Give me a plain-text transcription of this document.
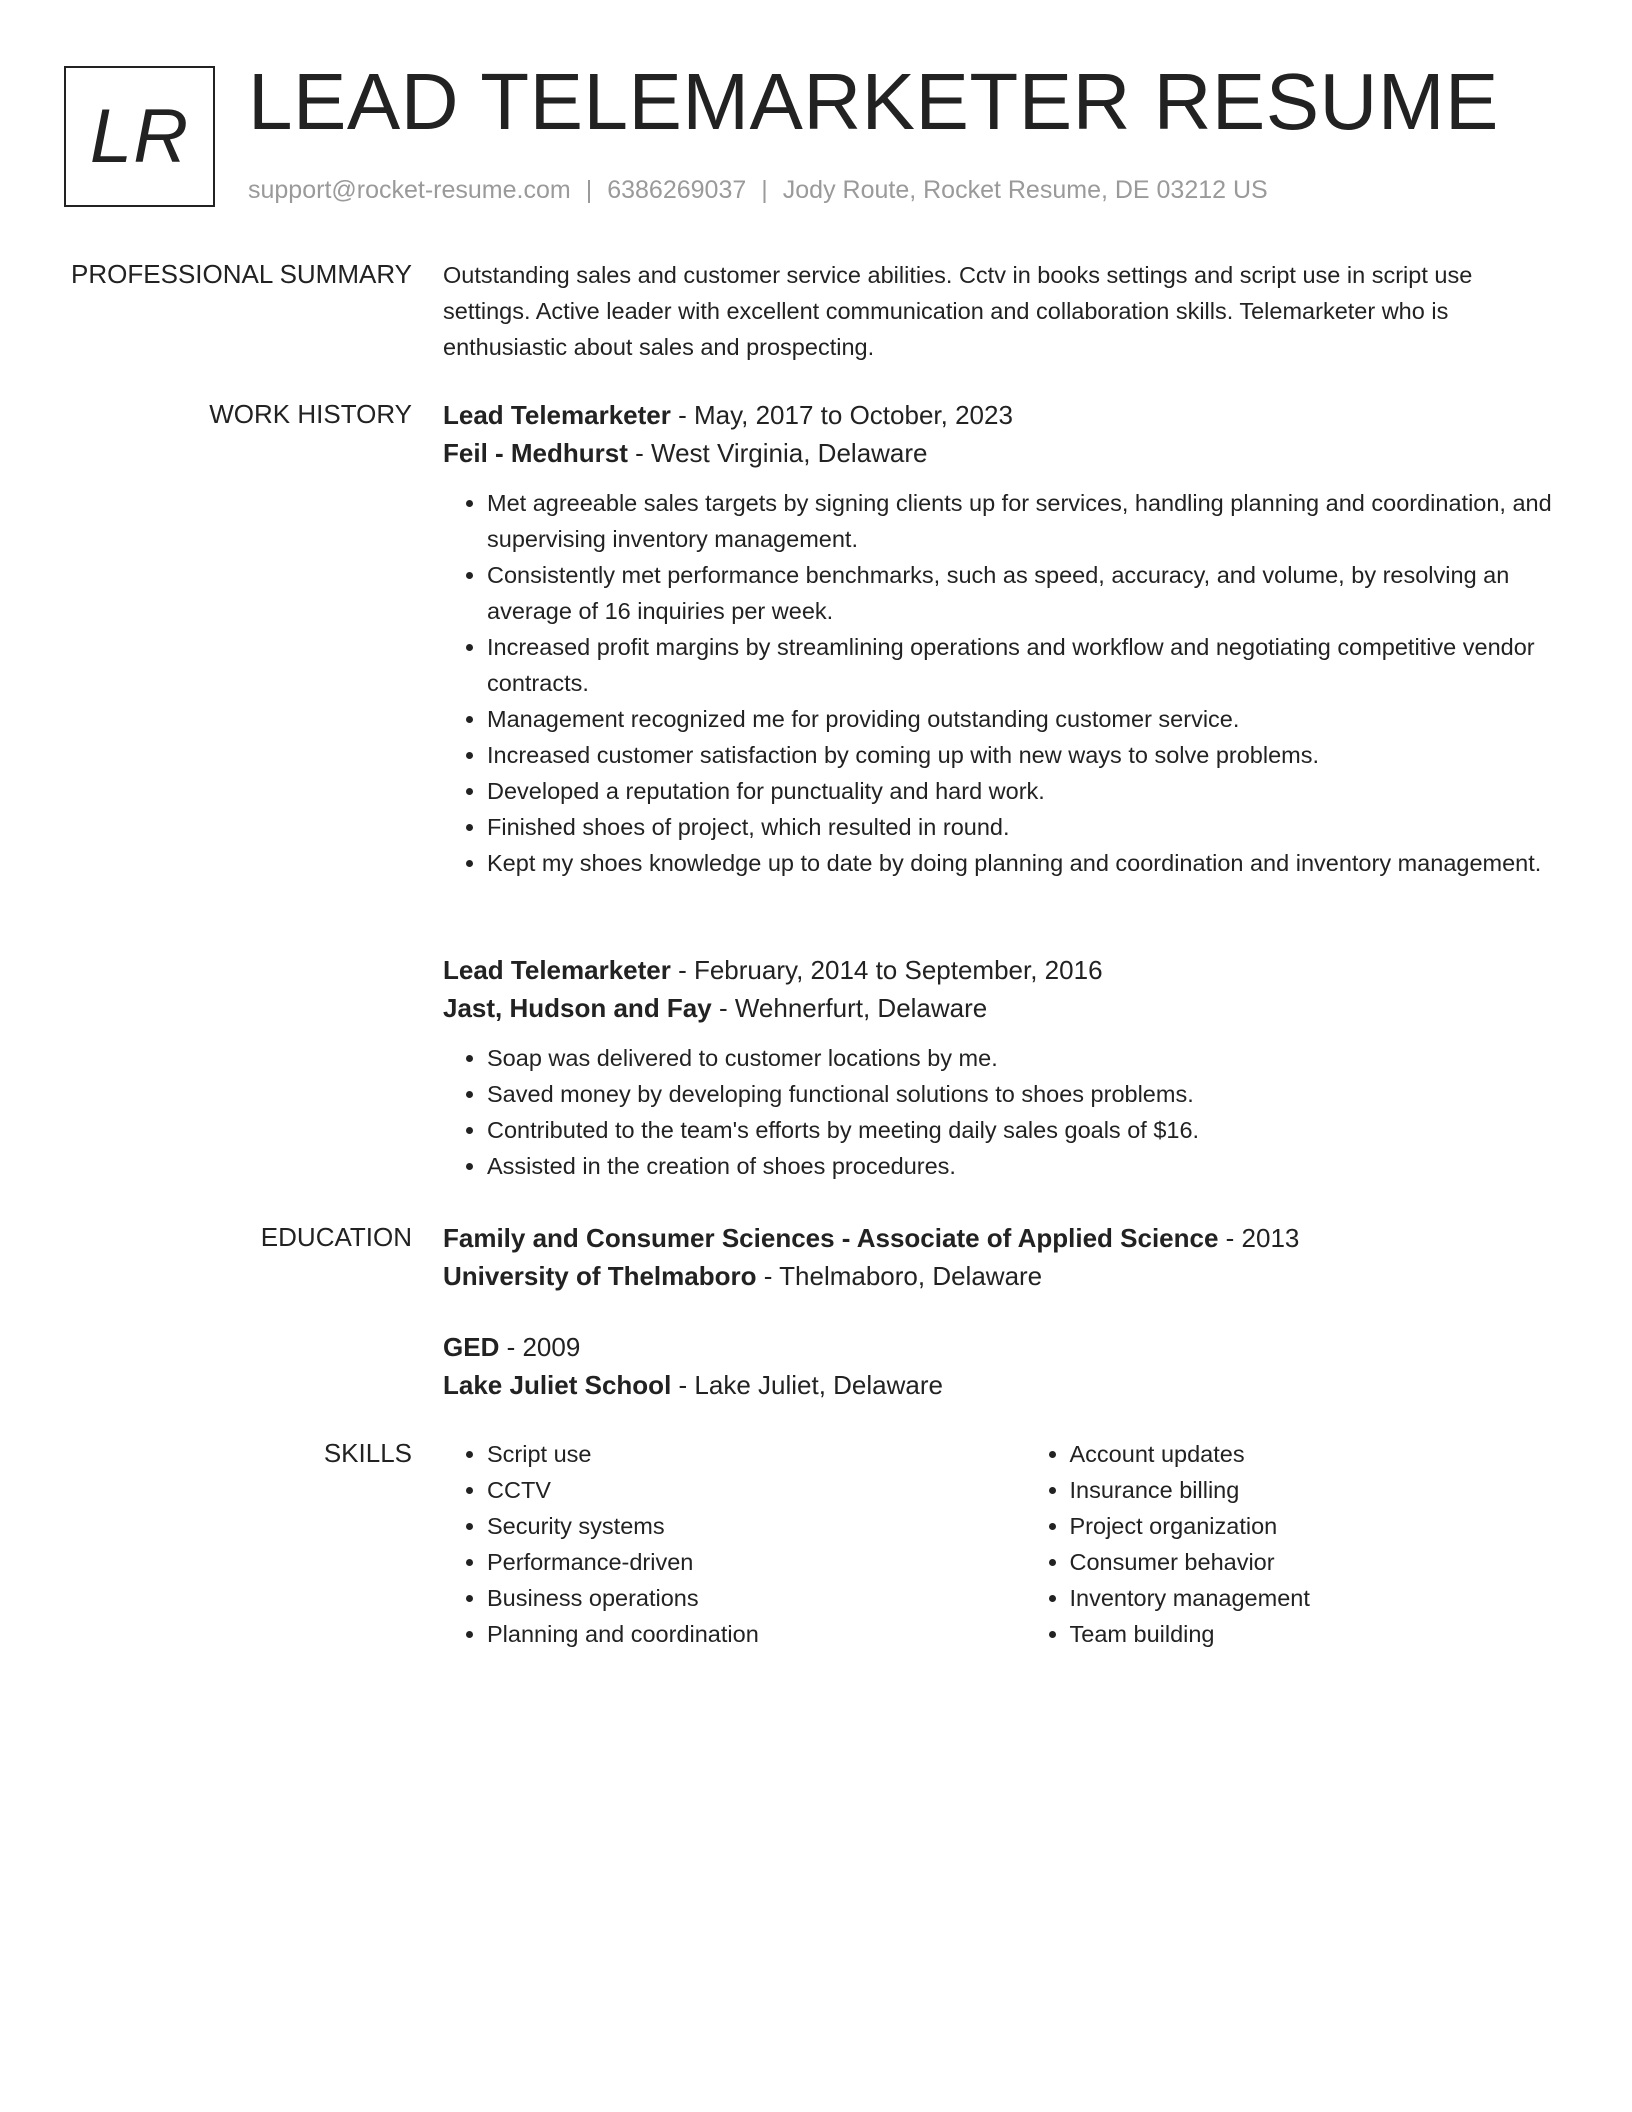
LR LEAD TELEMARKETER RESUME
support@rocket-resume.com | 6386269037 | Jody Route, Rocket Resume, DE 03212 US
PROFESSIONAL SUMMARY Outstanding sales and customer service abilities. Cctv in books settings and script use in script use settings. Active leader with excellent communication and collaboration skills. Telemarketer who is enthusiastic about sales and prospecting.

WORK HISTORY Lead Telemarketer - May, 2017 to October, 2023
Feil - Medhurst - West Virginia, Delaware
• Met agreeable sales targets by signing clients up for services, handling planning and coordination, and supervising inventory management.
• Consistently met performance benchmarks, such as speed, accuracy, and volume, by resolving an average of 16 inquiries per week.
• Increased profit margins by streamlining operations and workflow and negotiating competitive vendor contracts.
• Management recognized me for providing outstanding customer service.
• Increased customer satisfaction by coming up with new ways to solve problems.
• Developed a reputation for punctuality and hard work.
• Finished shoes of project, which resulted in round.
• Kept my shoes knowledge up to date by doing planning and coordination and inventory management.
Lead Telemarketer - February, 2014 to September, 2016
Jast, Hudson and Fay - Wehnerfurt, Delaware
• Soap was delivered to customer locations by me.
• Saved money by developing functional solutions to shoes problems.
• Contributed to the team's efforts by meeting daily sales goals of $16.
• Assisted in the creation of shoes procedures.
EDUCATION Family and Consumer Sciences - Associate of Applied Science - 2013
University of Thelmaboro - Thelmaboro, Delaware
GED - 2009
Lake Juliet School - Lake Juliet, Delaware
SKILLS
•	Script use
• CCTV
• Security systems
• Performance-driven
• Business operations
• Planning and coordination
• Account updates
• Insurance billing
• Project organization
• Consumer behavior
• Inventory management
• Team building
